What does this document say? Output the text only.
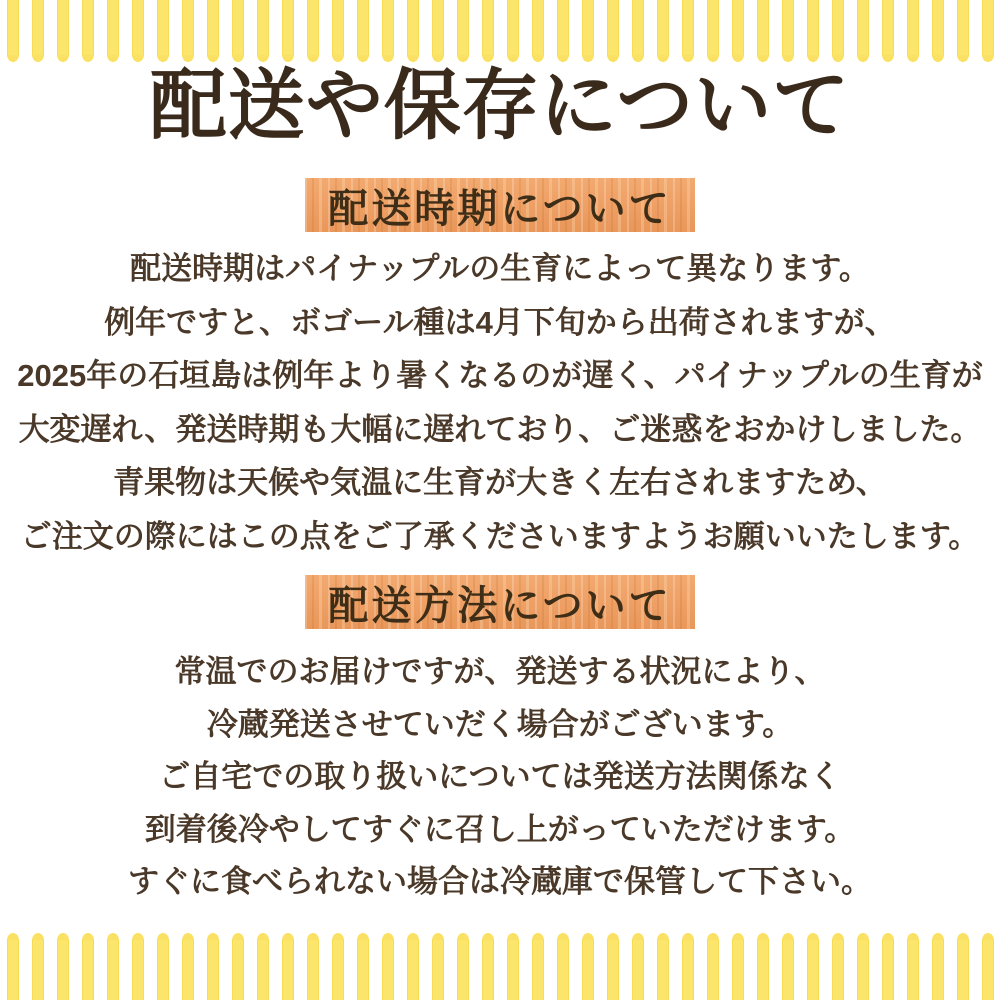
配送や保存について
配送時期について
配送時期はパイナップルの生育によって異なります。
例年ですと、ボゴール種は4月下旬から出荷されますが、
2025年の石垣島は例年より暑くなるのが遅く、パイナップルの生育が
大変遅れ、発送時期も大幅に遅れており、ご迷惑をおかけしました。
青果物は天候や気温に生育が大きく左右されますため、
ご注文の際にはこの点をご了承くださいますようお願いいたします。
配送方法について
常温でのお届けですが、発送する状況により、
冷蔵発送させていだく場合がございます。
ご自宅での取り扱いについては発送方法関係なく
到着後冷やしてすぐに召し上がっていただけます。
すぐに食べられない場合は冷蔵庫で保管して下さい。
